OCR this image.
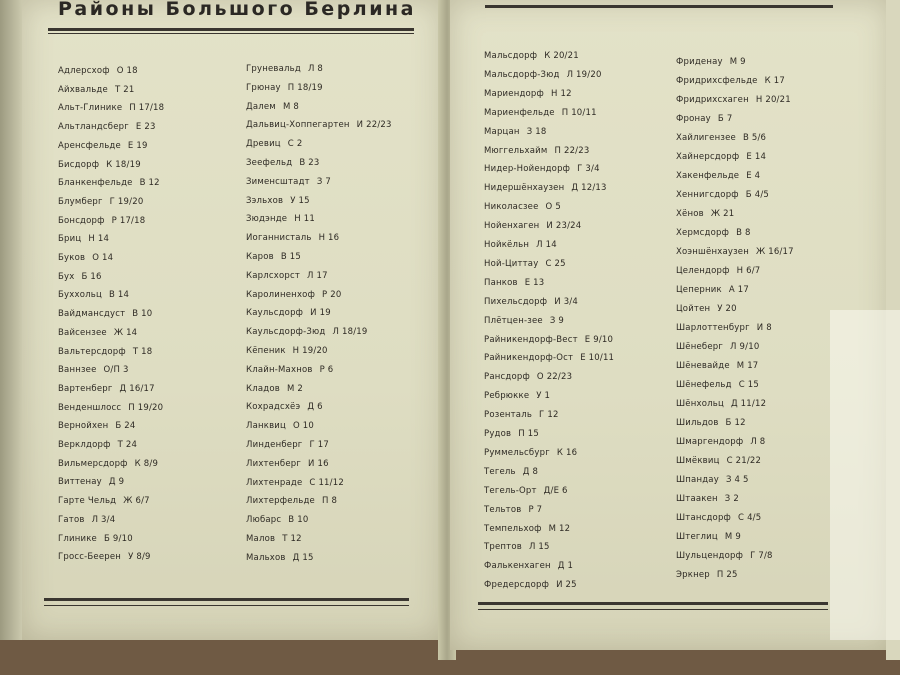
Районы Большого Берлина
Адлерсхоф О 18
Айхвальде Т 21
Альт-Глинике П 17/18
Альтландсберг Е 23
Аренсфельде Е 19
Бисдорф К 18/19
Бланкенфельде В 12
Блумберг Г 19/20
Бонсдорф Р 17/18
Бриц Н 14
Буков О 14
Бух Б 16
Буххольц В 14
Вайдмансдуст В 10
Вайсензее Ж 14
Вальтерсдорф Т 18
Ваннзее О/П 3
Вартенберг Д 16/17
Венденшлосс П 19/20
Вернойхен Б 24
Верклдорф Т 24
Вильмерсдорф К 8/9
Виттенау Д 9
Гарте Чельд Ж 6/7
Гатов Л 3/4
Глинике Б 9/10
Гросс-Беерен У 8/9
Груневальд Л 8
Грюнау П 18/19
Далем М 8
Дальвиц-Хоппегартен И 22/23
Древиц С 2
Зеефельд В 23
Зименсштадт З 7
Зэльхов У 15
Зюдэнде Н 11
Иоганнисталь Н 16
Каров В 15
Карлсхорст Л 17
Каролиненхоф Р 20
Каульсдорф И 19
Каульсдорф-Зюд Л 18/19
Кёпеник Н 19/20
Клайн-Махнов Р 6
Кладов М 2
Кохрадсхёэ Д 6
Ланквиц О 10
Линденберг Г 17
Лихтенберг И 16
Лихтенраде С 11/12
Лихтерфельде П 8
Любарс В 10
Малов Т 12
Мальхов Д 15
Мальсдорф К 20/21
Мальсдорф-Зюд Л 19/20
Мариендорф Н 12
Мариенфельде П 10/11
Марцан З 18
Мюггельхайм П 22/23
Нидер-Нойендорф Г 3/4
Нидершёнхаузен Д 12/13
Николасзее О 5
Нойенхаген И 23/24
Нойкёльн Л 14
Ной-Циттау С 25
Панков Е 13
Пихельсдорф И 3/4
Плётцен-зее З 9
Райникендорф-Вест Е 9/10
Райникендорф-Ост Е 10/11
Рансдорф О 22/23
Ребрюкке У 1
Розенталь Г 12
Рудов П 15
Руммельсбург К 16
Тегель Д 8
Тегель-Орт Д/Е 6
Тельтов Р 7
Темпельхоф М 12
Трептов Л 15
Фалькенхаген Д 1
Фредерсдорф И 25
Фриденау М 9
Фридрихсфельде К 17
Фридрихсхаген Н 20/21
Фронау Б 7
Хайлигензее В 5/6
Хайнерсдорф Е 14
Хакенфельде Е 4
Хеннигсдорф Б 4/5
Хёнов Ж 21
Хермсдорф В 8
Хоэншёнхаузен Ж 16/17
Целендорф Н 6/7
Цеперник А 17
Цойтен У 20
Шарлоттенбург И 8
Шёнеберг Л 9/10
Шёневайде М 17
Шёнефельд С 15
Шёнхольц Д 11/12
Шильдов Б 12
Шмаргендорф Л 8
Шмёквиц С 21/22
Шпандау З 4 5
Штаакен З 2
Штансдорф С 4/5
Штеглиц М 9
Шульцендорф Г 7/8
Эркнер П 25
